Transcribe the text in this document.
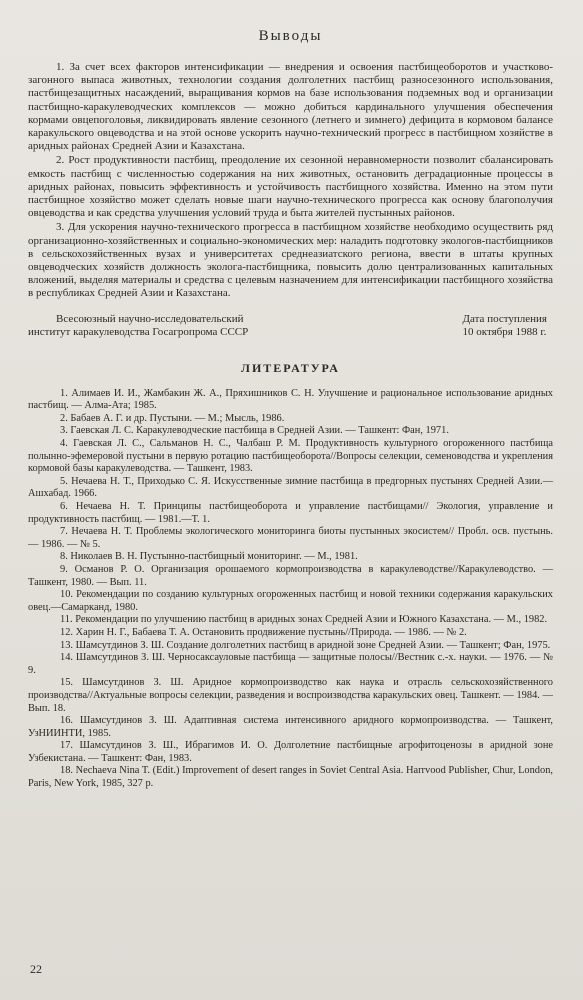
Выводы

1. За счет всех факторов интенсификации — внедрения и освоения пастбищеоборотов и участково-загонного выпаса животных, технологии создания долголетних пастбищ разносезонного использования, пастбищезащитных насаждений, выращивания кормов на базе использования подземных вод и организации пастбищно-каракулеводческих комплексов — можно добиться кардинального улучшения обеспечения кормами овцепоголовья, ликвидировать явление сезонного (летнего и зимнего) дефицита в кормовом балансе каракульского овцеводства и на этой основе ускорить научно-технический прогресс в пастбищном хозяйстве в аридных районах Средней Азии и Казахстана.

2. Рост продуктивности пастбищ, преодоление их сезонной неравномерности позволит сбалансировать емкость пастбищ с численностью содержания на них животных, остановить деградационные процессы в аридных районах, повысить эффективность и устойчивость пастбищного хозяйства. Именно на этом пути пастбищное хозяйство может сделать новые шаги научно-технического прогресса как основу благополучия овцеводства и как средства улучшения условий труда и быта жителей пустынных районов.

3. Для ускорения научно-технического прогресса в пастбищном хозяйстве необходимо осуществить ряд организационно-хозяйственных и социально-экономических мер: наладить подготовку экологов-пастбищников в сельскохозяйственных вузах и университетах среднеазиатского региона, ввести в штаты крупных овцеводческих хозяйств должность эколога-пастбищника, повысить долю централизованных капитальных вложений, выделяя материалы и средства с целевым назначением для интенсификации пастбищного хозяйства в республиках Средней Азии и Казахстана.

Всесоюзный научно-исследовательский
институт каракулеводства Госагропрома СССР
Дата поступления
10 октября 1988 г.
ЛИТЕРАТУРА
1. Алимаев И. И., Жамбакин Ж. А., Пряхишников С. Н. Улучшение и рациональное использование аридных пастбищ. — Алма-Ата; 1985.
2. Бабаев А. Г. и др. Пустыни. — М.; Мысль, 1986.
3. Гаевская Л. С. Каракулеводческие пастбища в Средней Азии. — Ташкент: Фан, 1971.
4. Гаевская Л. С., Сальманов Н. С., Чалбаш Р. М. Продуктивность культурного огороженного пастбища полынно-эфемеровой пустыни в первую ротацию пастбищеоборота//Вопросы селекции, семеноводства и укрепления кормовой базы каракулеводства. — Ташкент, 1983.
5. Нечаева Н. Т., Приходько С. Я. Искусственные зимние пастбища в предгорных пустынях Средней Азии.—Ашхабад. 1966.
6. Нечаева Н. Т. Принципы пастбищеоборота и управление пастбищами// Экология, управление и продуктивность пастбищ. — 1981.—Т. 1.
7. Нечаева Н. Т. Проблемы экологического мониторинга биоты пустынных экосистем// Пробл. осв. пустынь. — 1986. — № 5.
8. Николаев В. Н. Пустынно-пастбищный мониторинг. — М., 1981.
9. Османов Р. О. Организация орошаемого кормопроизводства в каракулеводстве//Каракулеводство. — Ташкент, 1980. — Вып. 11.
10. Рекомендации по созданию культурных огороженных пастбищ и новой техники содержания каракульских овец.—Самарканд, 1980.
11. Рекомендации по улучшению пастбищ в аридных зонах Средней Азии и Южного Казахстана. — М., 1982.
12. Харин Н. Г., Бабаева Т. А. Остановить продвижение пустынь//Природа. — 1986. — № 2.
13. Шамсутдинов З. Ш. Создание долголетних пастбищ в аридной зоне Средней Азии. — Ташкент; Фан, 1975.
14. Шамсутдинов З. Ш. Черносаксауловые пастбища — защитные полосы//Вестник с.-х. науки. — 1976. — № 9.
15. Шамсутдинов З. Ш. Аридное кормопроизводство как наука и отрасль сельскохозяйственного производства//Актуальные вопросы селекции, разведения и воспроизводства каракульских овец. Ташкент. — 1984. — Вып. 18.
16. Шамсутдинов З. Ш. Адаптивная система интенсивного аридного кормопроизводства. — Ташкент, УзНИИНТИ, 1985.
17. Шамсутдинов З. Ш., Ибрагимов И. О. Долголетние пастбищные агрофитоценозы в аридной зоне Узбекистана. — Ташкент: Фан, 1983.
18. Nechaeva Nina T. (Edit.) Improvement of desert ranges in Soviet Central Asia. Harrvood Publisher, Chur, London, Paris, New York, 1985, 327 p.
22
